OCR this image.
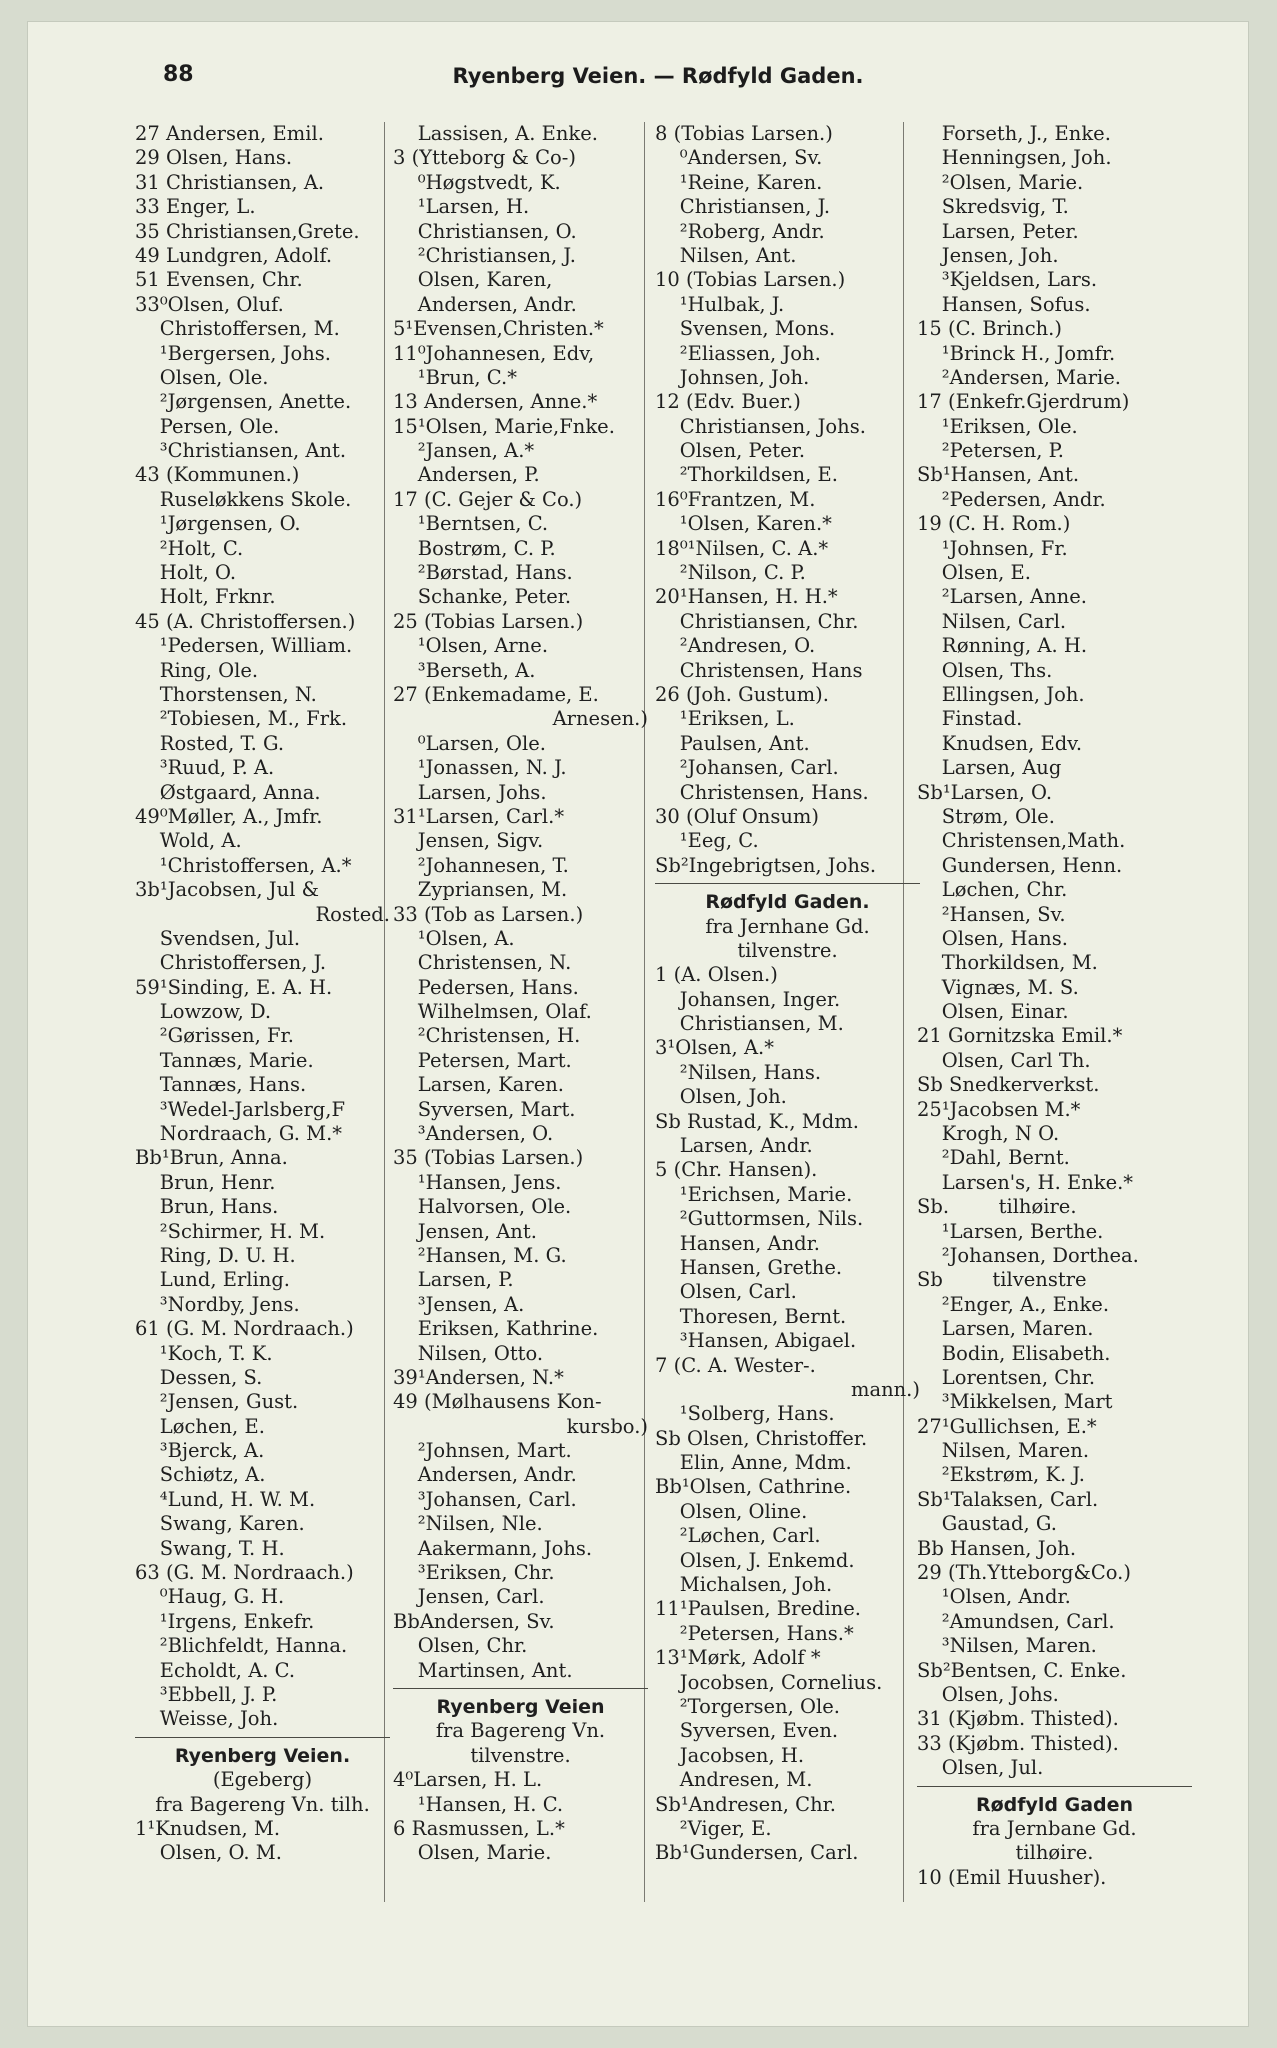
88	Ryenberg Veien. — Rødfyld Gaden.
27 Andersen, Emil.
29 Olsen, Hans.
31 Christiansen, A.
33 Enger, L.
35 Christiansen,Grete.
49 Lundgren, Adolf.
51 Evensen, Chr.
33⁰Olsen, Oluf.
Christoffersen, M.
¹Bergersen, Johs.
Olsen, Ole.
²Jørgensen, Anette.
Persen, Ole.
³Christiansen, Ant.
43 (Kommunen.)
Ruseløkkens Skole.
¹Jørgensen, O.
²Holt, C.
Holt, O.
Holt, Frknr.
45 (A. Christoffersen.)
¹Pedersen, William.
Ring, Ole.
Thorstensen, N.
²Tobiesen, M., Frk.
Rosted, T. G.
³Ruud, P. A.
Østgaard, Anna.
49⁰Møller, A., Jmfr.
Wold, A.
¹Christoffersen, A.*
3b¹Jacobsen, Jul &
Rosted.
Svendsen, Jul.
Christoffersen, J.
59¹Sinding, E. A. H.
Lowzow, D.
²Gørissen, Fr.
Tannæs, Marie.
Tannæs, Hans.
³Wedel-Jarlsberg,F
Nordraach, G. M.*
Bb¹Brun, Anna.
Brun, Henr.
Brun, Hans.
²Schirmer, H. M.
Ring, D. U. H.
Lund, Erling.
³Nordby, Jens.
61 (G. M. Nordraach.)
¹Koch, T. K.
Dessen, S.
²Jensen, Gust.
Løchen, E.
³Bjerck, A.
Schiøtz, A.
⁴Lund, H. W. M.
Swang, Karen.
Swang, T. H.
63 (G. M. Nordraach.)
⁰Haug, G. H.
¹Irgens, Enkefr.
²Blichfeldt, Hanna.
Echoldt, A. C.
³Ebbell, J. P.
Weisse, Joh.
Ryenberg Veien.
(Egeberg)
fra Bagereng Vn. tilh.
1¹Knudsen, M.
Olsen, O. M.
Lassisen, A. Enke.
3 (Ytteborg & Co-)
⁰Høgstvedt, K.
¹Larsen, H.
Christiansen, O.
²Christiansen, J.
Olsen, Karen,
Andersen, Andr.
5¹Evensen,Christen.*
11⁰Johannesen, Edv,
¹Brun, C.*
13 Andersen, Anne.*
15¹Olsen, Marie,Fnke.
²Jansen, A.*
Andersen, P.
17 (C. Gejer & Co.)
¹Berntsen, C.
Bostrøm, C. P.
²Børstad, Hans.
Schanke, Peter.
25 (Tobias Larsen.)
¹Olsen, Arne.
³Berseth, A.
27 (Enkemadame, E.
Arnesen.)
⁰Larsen, Ole.
¹Jonassen, N. J.
Larsen, Johs.
31¹Larsen, Carl.*
Jensen, Sigv.
²Johannesen, T.
Zypriansen, M.
33 (Tob as Larsen.)
¹Olsen, A.
Christensen, N.
Pedersen, Hans.
Wilhelmsen, Olaf.
²Christensen, H.
Petersen, Mart.
Larsen, Karen.
Syversen, Mart.
³Andersen, O.
35 (Tobias Larsen.)
¹Hansen, Jens.
Halvorsen, Ole.
Jensen, Ant.
²Hansen, M. G.
Larsen, P.
³Jensen, A.
Eriksen, Kathrine.
Nilsen, Otto.
39¹Andersen, N.*
49 (Mølhausens Kon-
kursbo.)
²Johnsen, Mart.
Andersen, Andr.
³Johansen, Carl.
²Nilsen, Nle.
Aakermann, Johs.
³Eriksen, Chr.
Jensen, Carl.
BbAndersen, Sv.
Olsen, Chr.
Martinsen, Ant.
Ryenberg Veien
fra Bagereng Vn.
tilvenstre.
4⁰Larsen, H. L.
¹Hansen, H. C.
6 Rasmussen, L.*
Olsen, Marie.
8 (Tobias Larsen.)
⁰Andersen, Sv.
¹Reine, Karen.
Christiansen, J.
²Roberg, Andr.
Nilsen, Ant.
10 (Tobias Larsen.)
¹Hulbak, J.
Svensen, Mons.
²Eliassen, Joh.
Johnsen, Joh.
12 (Edv. Buer.)
Christiansen, Johs.
Olsen, Peter.
²Thorkildsen, E.
16⁰Frantzen, M.
¹Olsen, Karen.*
18⁰¹Nilsen, C. A.*
²Nilson, C. P.
20¹Hansen, H. H.*
Christiansen, Chr.
²Andresen, O.
Christensen, Hans
26 (Joh. Gustum).
¹Eriksen, L.
Paulsen, Ant.
²Johansen, Carl.
Christensen, Hans.
30 (Oluf Onsum)
¹Eeg, C.
Sb²Ingebrigtsen, Johs.
Rødfyld Gaden.
fra Jernhane Gd.
tilvenstre.
1 (A. Olsen.)
Johansen, Inger.
Christiansen, M.
3¹Olsen, A.*
²Nilsen, Hans.
Olsen, Joh.
Sb Rustad, K., Mdm.
Larsen, Andr.
5 (Chr. Hansen).
¹Erichsen, Marie.
²Guttormsen, Nils.
Hansen, Andr.
Hansen, Grethe.
Olsen, Carl.
Thoresen, Bernt.
³Hansen, Abigael.
7 (C. A. Wester-.
mann.)
¹Solberg, Hans.
Sb Olsen, Christoffer.
Elin, Anne, Mdm.
Bb¹Olsen, Cathrine.
Olsen, Oline.
²Løchen, Carl.
Olsen, J. Enkemd.
Michalsen, Joh.
11¹Paulsen, Bredine.
²Petersen, Hans.*
13¹Mørk, Adolf *
Jocobsen, Cornelius.
²Torgersen, Ole.
Syversen, Even.
Jacobsen, H.
Andresen, M.
Sb¹Andresen, Chr.
²Viger, E.
Bb¹Gundersen, Carl.
Forseth, J., Enke.
Henningsen, Joh.
²Olsen, Marie.
Skredsvig, T.
Larsen, Peter.
Jensen, Joh.
³Kjeldsen, Lars.
Hansen, Sofus.
15 (C. Brinch.)
¹Brinck H., Jomfr.
²Andersen, Marie.
17 (Enkefr.Gjerdrum)
¹Eriksen, Ole.
²Petersen, P.
Sb¹Hansen, Ant.
²Pedersen, Andr.
19 (C. H. Rom.)
¹Johnsen, Fr.
Olsen, E.
²Larsen, Anne.
Nilsen, Carl.
Rønning, A. H.
Olsen, Ths.
Ellingsen, Joh.
Finstad.
Knudsen, Edv.
Larsen, Aug
Sb¹Larsen, O.
Strøm, Ole.
Christensen,Math.
Gundersen, Henn.
Løchen, Chr.
²Hansen, Sv.
Olsen, Hans.
Thorkildsen, M.
Vignæs, M. S.
Olsen, Einar.
21 Gornitzska Emil.*
Olsen, Carl Th.
Sb Snedkerverkst.
25¹Jacobsen M.*
Krogh, N O.
²Dahl, Bernt.
Larsen's, H. Enke.*
Sb.        tilhøire.
¹Larsen, Berthe.
²Johansen, Dorthea.
Sb        tilvenstre
²Enger, A., Enke.
Larsen, Maren.
Bodin, Elisabeth.
Lorentsen, Chr.
³Mikkelsen, Mart
27¹Gullichsen, E.*
Nilsen, Maren.
²Ekstrøm, K. J.
Sb¹Talaksen, Carl.
Gaustad, G.
Bb Hansen, Joh.
29 (Th.Ytteborg&Co.)
¹Olsen, Andr.
²Amundsen, Carl.
³Nilsen, Maren.
Sb²Bentsen, C. Enke.
Olsen, Johs.
31 (Kjøbm. Thisted).
33 (Kjøbm. Thisted).
Olsen, Jul.
Rødfyld Gaden
fra Jernbane Gd.
tilhøire.
10 (Emil Huusher).
